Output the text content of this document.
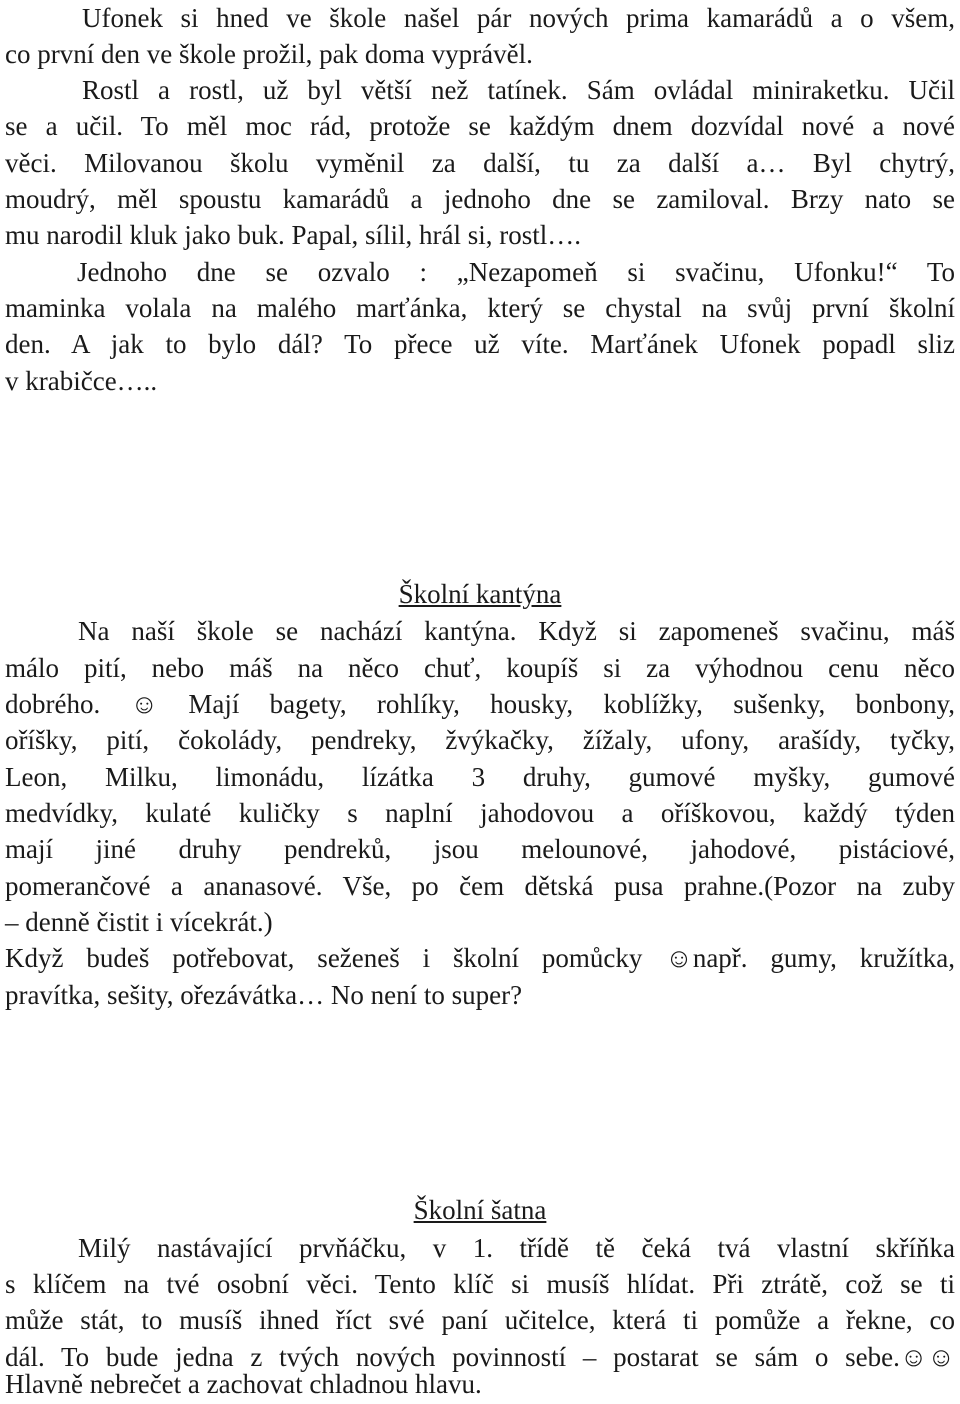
Ufonek si hned ve škole našel pár nových prima kamarádů a o všem,
co první den ve škole prožil, pak doma vyprávěl.
Rostl a rostl, už byl větší než tatínek. Sám ovládal miniraketku. Učil
se a učil. To měl moc rád, protože se každým dnem dozvídal nové a nové
věci. Milovanou školu vyměnil za další, tu za další a… Byl chytrý,
moudrý, měl spoustu kamarádů a jednoho dne se zamiloval. Brzy nato se
mu narodil kluk jako buk. Papal, sílil, hrál si, rostl….
Jednoho dne se ozvalo : „Nezapomeň si svačinu, Ufonku!“ To
maminka volala na malého marťánka, který se chystal na svůj první školní
den. A jak to bylo dál? To přece už víte. Marťánek Ufonek popadl sliz
v krabičce…..
Školní kantýna
Na naší škole se nachází kantýna. Když si zapomeneš svačinu, máš
málo pití, nebo máš na něco chuť, koupíš si za výhodnou cenu něco
dobrého. ☺ Mají bagety, rohlíky, housky, koblížky, sušenky, bonbony,
oříšky, pití, čokolády, pendreky, žvýkačky, žížaly, ufony, arašídy, tyčky,
Leon, Milku, limonádu, lízátka 3 druhy, gumové myšky, gumové
medvídky, kulaté kuličky s naplní jahodovou a oříškovou, každý týden
mají jiné druhy pendreků, jsou melounové, jahodové, pistáciové,
pomerančové a ananasové. Vše, po čem dětská pusa prahne.(Pozor na zuby
– denně čistit i vícekrát.)
Když budeš potřebovat, seženeš i školní pomůcky ☺např. gumy, kružítka,
pravítka, sešity, ořezávátka… No není to super?
Školní šatna
Milý nastávající prvňáčku, v 1. třídě tě čeká tvá vlastní skříňka
s klíčem na tvé osobní věci. Tento klíč si musíš hlídat. Při ztrátě, což se ti
může stát, to musíš ihned říct své paní učitelce, která ti pomůže a řekne, co
dál. To bude jedna z tvých nových povinností – postarat se sám o sebe.☺☺
Hlavně nebrečet a zachovat chladnou hlavu.
